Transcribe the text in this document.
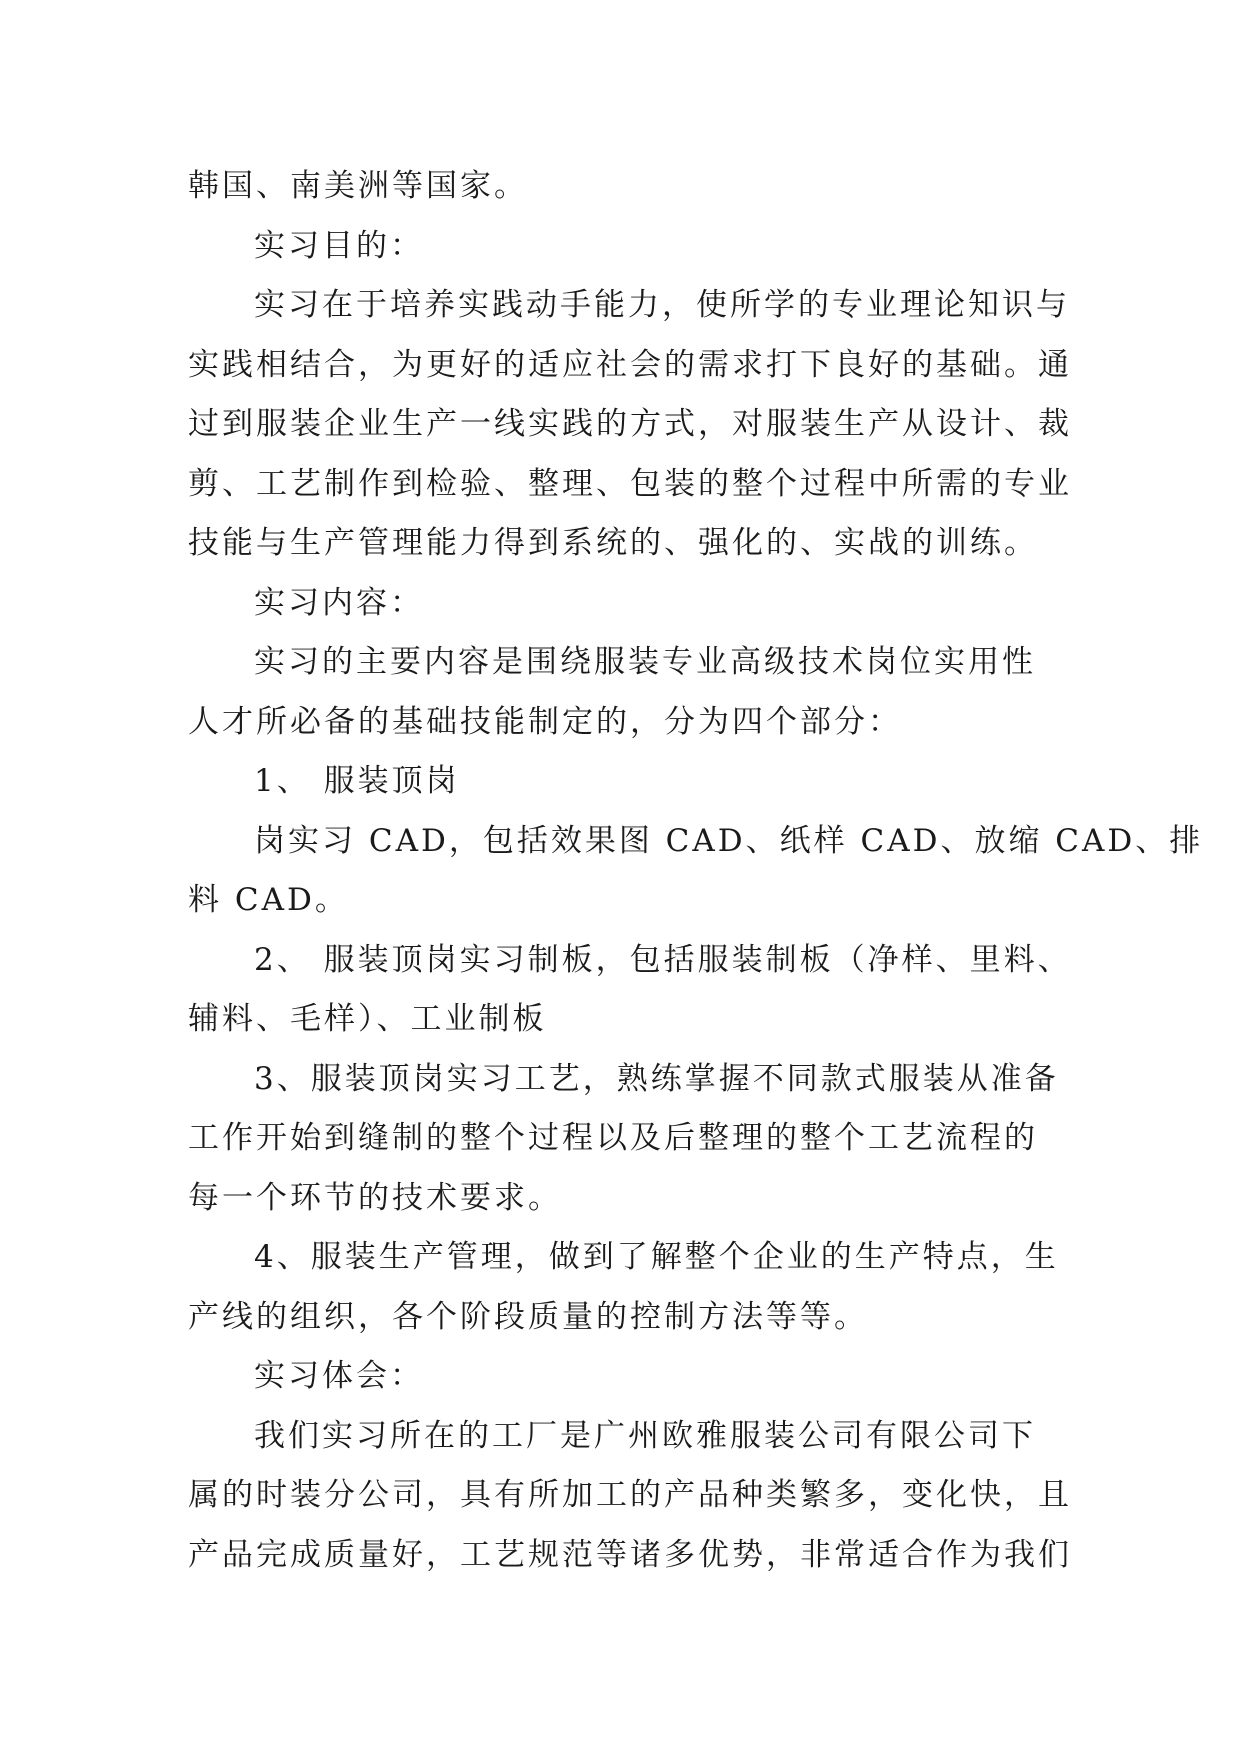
韩国、南美洲等国家。
实习目的：
实习在于培养实践动手能力，使所学的专业理论知识与
实践相结合，为更好的适应社会的需求打下良好的基础。通
过到服装企业生产一线实践的方式，对服装生产从设计、裁
剪、工艺制作到检验、整理、包装的整个过程中所需的专业
技能与生产管理能力得到系统的、强化的、实战的训练。
实习内容：
实习的主要内容是围绕服装专业高级技术岗位实用性
人才所必备的基础技能制定的，分为四个部分：
1、 服装顶岗
岗实习 CAD，包括效果图 CAD、纸样 CAD、放缩 CAD、排
料 CAD。
2、 服装顶岗实习制板，包括服装制板（净样、里料、
辅料、毛样）、工业制板
3、服装顶岗实习工艺，熟练掌握不同款式服装从准备
工作开始到缝制的整个过程以及后整理的整个工艺流程的
每一个环节的技术要求。
4、服装生产管理，做到了解整个企业的生产特点，生
产线的组织，各个阶段质量的控制方法等等。
实习体会：
我们实习所在的工厂是广州欧雅服装公司有限公司下
属的时装分公司，具有所加工的产品种类繁多，变化快，且
产品完成质量好，工艺规范等诸多优势，非常适合作为我们
